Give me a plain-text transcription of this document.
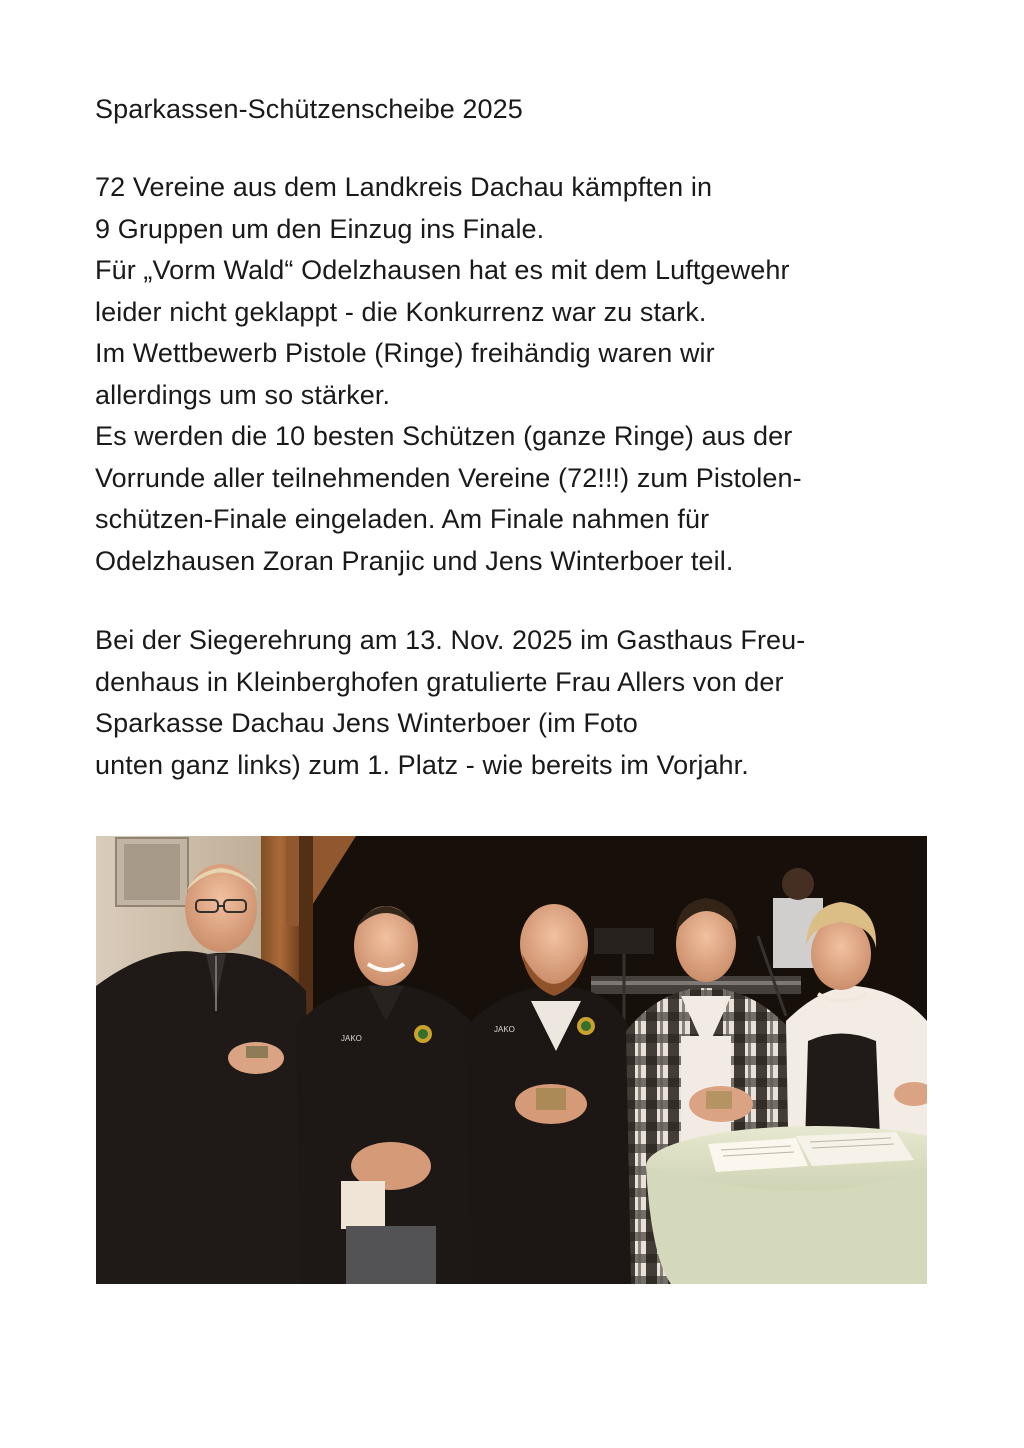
Sparkassen-Schützenscheibe 2025
72 Vereine aus dem Landkreis Dachau kämpften in
9 Gruppen um den Einzug ins Finale.
Für „Vorm Wald“ Odelzhausen hat es mit dem Luftgewehr
leider nicht geklappt - die Konkurrenz war zu stark.
Im Wettbewerb Pistole (Ringe) freihändig waren wir
allerdings um so stärker.
Es werden die 10 besten Schützen (ganze Ringe) aus der
Vorrunde aller teilnehmenden Vereine (72!!!) zum Pistolen-
schützen-Finale eingeladen. Am Finale nahmen für
Odelzhausen Zoran Pranjic und Jens Winterboer teil.
Bei der Siegerehrung am 13. Nov. 2025 im Gasthaus Freu-
denhaus in Kleinberghofen gratulierte Frau Allers von der
Sparkasse Dachau Jens Winterboer (im Foto
unten ganz links) zum 1. Platz - wie bereits im Vorjahr.
JAKO
JAKO
